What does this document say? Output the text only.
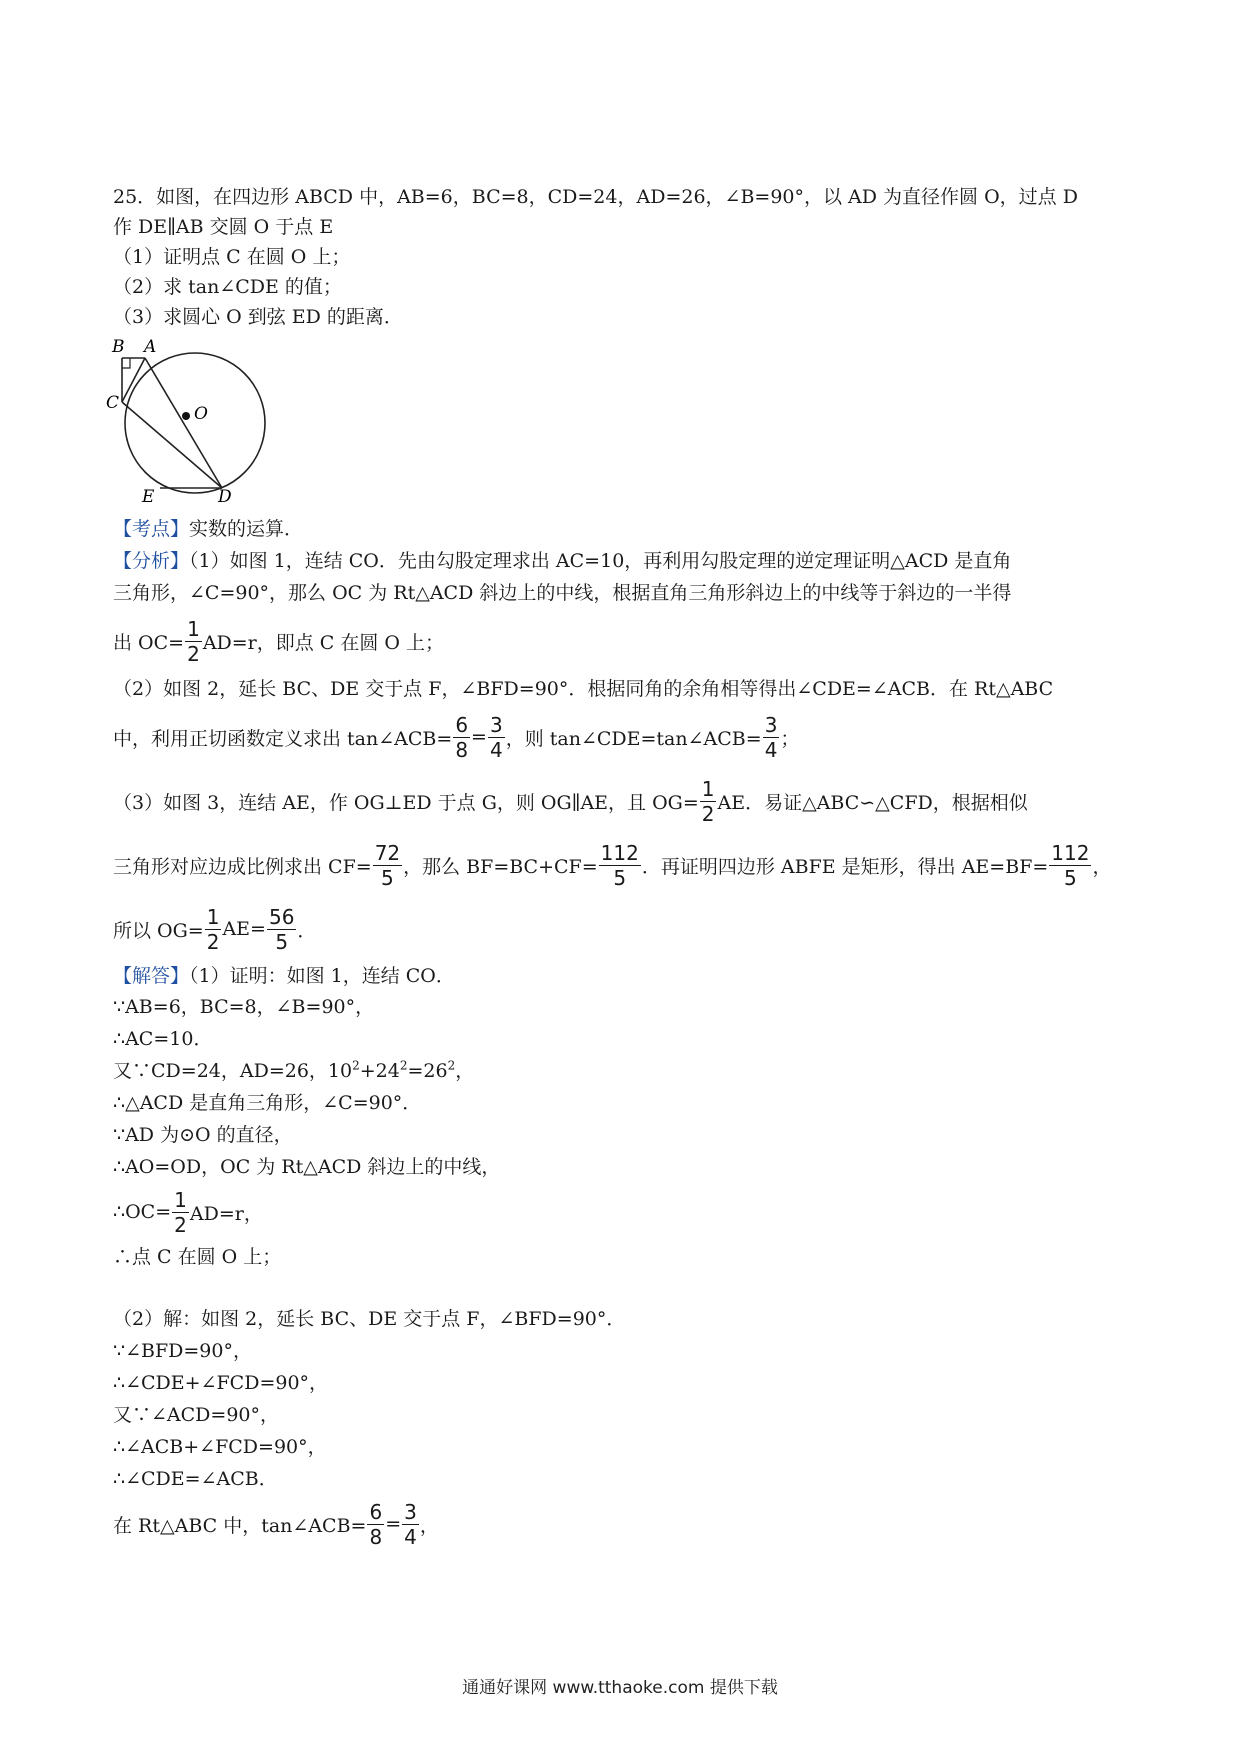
25．如图，在四边形 ABCD 中，AB=6，BC=8，CD=24，AD=26，∠B=90°，以 AD 为直径作圆 O，过点 D
作 DE∥AB 交圆 O 于点 E
（1）证明点 C 在圆 O 上；
（2）求 tan∠CDE 的值；
（3）求圆心 O 到弦 ED 的距离．
B A
C
O
E	D
【考点】实数的运算．
【分析】（1）如图 1，连结 CO．先由勾股定理求出 AC=10，再利用勾股定理的逆定理证明△ACD 是直角
三角形，∠C=90°，那么 OC 为 Rt△ACD 斜边上的中线，根据直角三角形斜边上的中线等于斜边的一半得
出 $OC= \frac{1}{2} AD=r$，即点 C 在圆 O 上；
（2）如图 2，延长 BC、DE 交于点 F，∠BFD=90°．根据同角的余角相等得出∠CDE=∠ACB．在 Rt△ABC
中，利用正切函数定义求出 tan∠ACB= $\frac{6}{8} = \frac{3}{4}$ ，则 tan∠CDE=tan∠ACB= $\frac{3}{4}$ ；
（3）如图 3，连结 AE，作 OG⊥ED 于点 G，则 OG∥AE，且 $OG= \frac{1}{2}$ AE．易证△ABC∽△CFD，根据相似
三角形对应边成比例求出 $CF= \frac{72}{5}$ ，那么 $BF=BC+CF= \frac{112}{5}$ ．再证明四边形 ABFE 是矩形，得出 $AE=BF= \frac{112}{5}$ ，
所以 $OG= \frac{1}{2} AE= \frac{56}{5}$ ．
【解答】（1）证明：如图 1，连结 CO．
∵AB=6，BC=8，∠B=90°，
∴AC=10．
又∵CD=24，AD=26，$10^2+24^2=26^2$，
∴△ACD 是直角三角形，∠C=90°．
∵AD 为⊙O 的直径，
∴AO=OD，OC 为 Rt△ACD 斜边上的中线，
∴OC= $\frac{1}{2} AD=r$，
∴点 C 在圆 O 上；
（2）解：如图 2，延长 BC、DE 交于点 F，∠BFD=90°．
∵∠BFD=90°，
∴∠CDE+∠FCD=90°，
又∵∠ACD=90°，
∴∠ACB+∠FCD=90°，
∴∠CDE=∠ACB．
在 Rt△ABC 中，tan∠ACB= $\frac{6}{8} = \frac{3}{4}$ ，
通通好课网 www.tthaoke.com 提供下载
